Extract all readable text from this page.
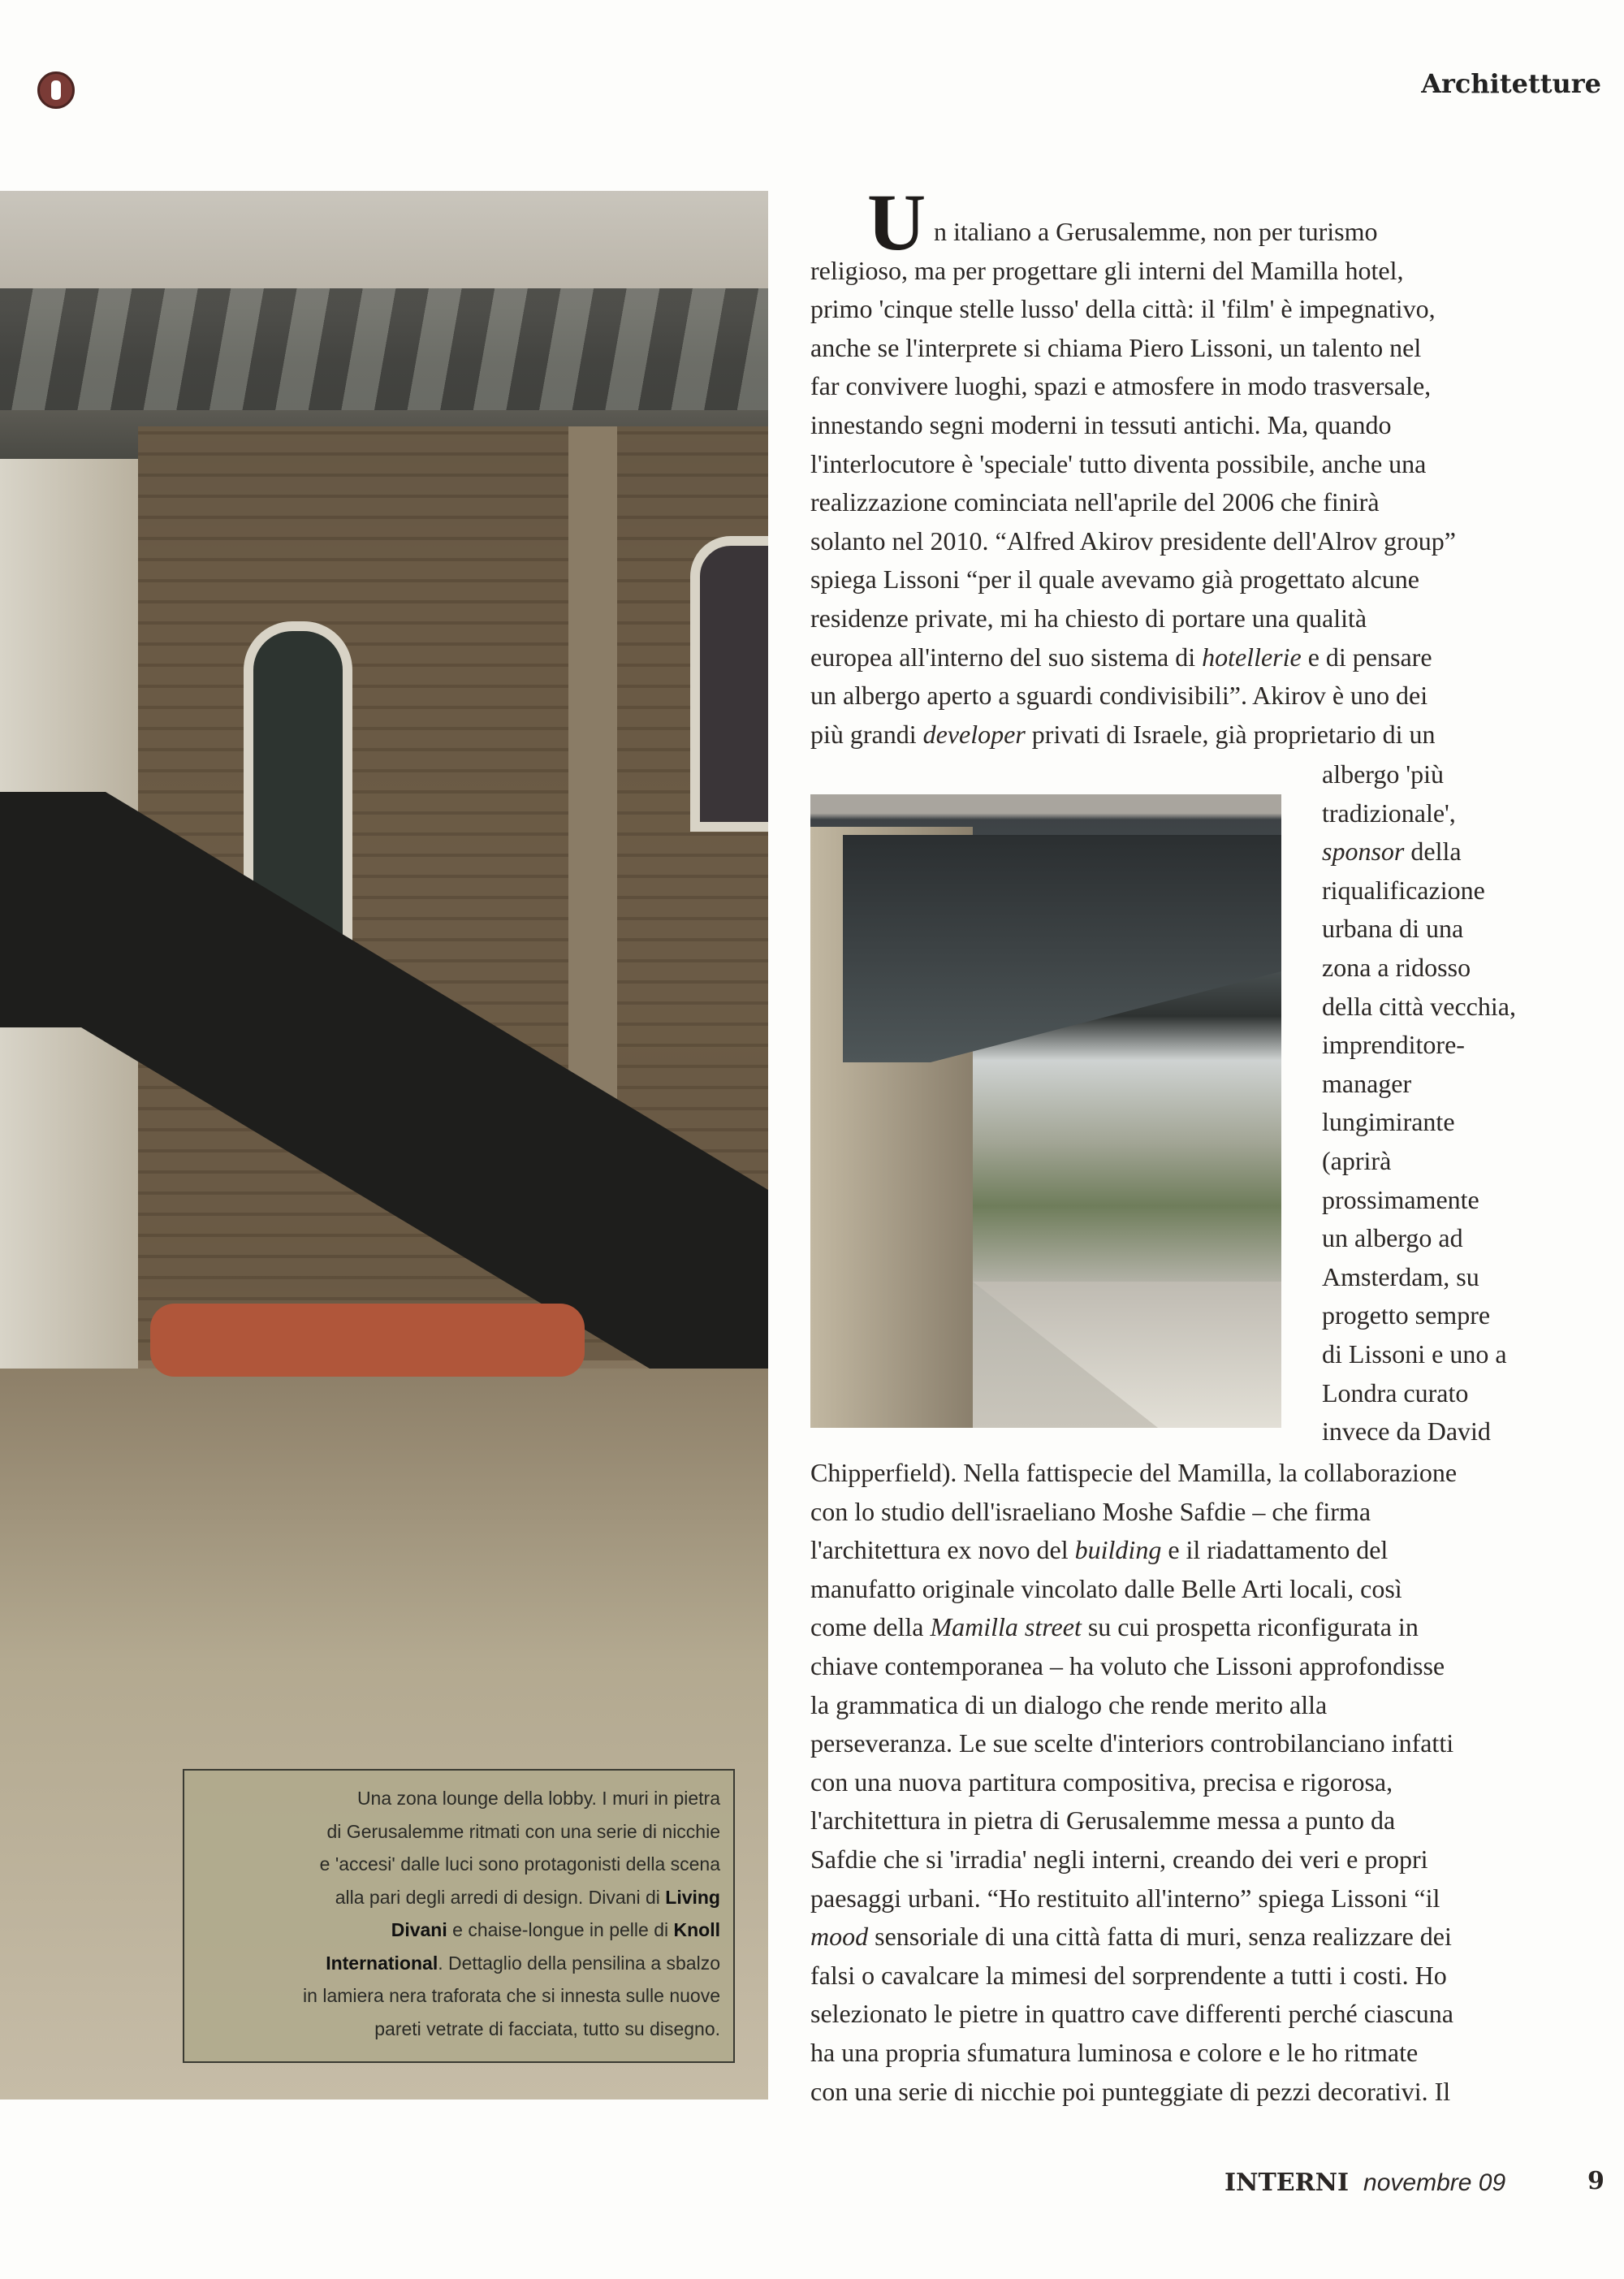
Architetture
Una zona lounge della lobby. I muri in pietra
di Gerusalemme ritmati con una serie di nicchie
e 'accesi' dalle luci sono protagonisti della scena
alla pari degli arredi di design. Divani di Living
Divani e chaise-longue in pelle di Knoll
International. Dettaglio della pensilina a sbalzo
in lamiera nera traforata che si innesta sulle nuove
pareti vetrate di facciata, tutto su disegno.
U
n italiano a Gerusalemme, non per turismo
religioso, ma per progettare gli interni del Mamilla hotel,
primo 'cinque stelle lusso' della città: il 'film' è impegnativo,
anche se l'interprete si chiama Piero Lissoni, un talento nel
far convivere luoghi, spazi e atmosfere in modo trasversale,
innestando segni moderni in tessuti antichi. Ma, quando
l'interlocutore è 'speciale' tutto diventa possibile, anche una
realizzazione cominciata nell'aprile del 2006 che finirà
solanto nel 2010. “Alfred Akirov presidente dell'Alrov group”
spiega Lissoni “per il quale avevamo già progettato alcune
residenze private, mi ha chiesto di portare una qualità
europea all'interno del suo sistema di hotellerie e di pensare
un albergo aperto a sguardi condivisibili”. Akirov è uno dei
più grandi developer privati di Israele, già proprietario di un
albergo 'più
tradizionale',
sponsor della
riqualificazione
urbana di una
zona a ridosso
della città vecchia,
imprenditore-
manager
lungimirante
(aprirà
prossimamente
un albergo ad
Amsterdam, su
progetto sempre
di Lissoni e uno a
Londra curato
invece da David
Chipperfield). Nella fattispecie del Mamilla, la collaborazione
con lo studio dell'israeliano Moshe Safdie – che firma
l'architettura ex novo del building e il riadattamento del
manufatto originale vincolato dalle Belle Arti locali, così
come della Mamilla street su cui prospetta riconfigurata in
chiave contemporanea – ha voluto che Lissoni approfondisse
la grammatica di un dialogo che rende merito alla
perseveranza. Le sue scelte d'interiors controbilanciano infatti
con una nuova partitura compositiva, precisa e rigorosa,
l'architettura in pietra di Gerusalemme messa a punto da
Safdie che si 'irradia' negli interni, creando dei veri e propri
paesaggi urbani. “Ho restituito all'interno” spiega Lissoni “il
mood sensoriale di una città fatta di muri, senza realizzare dei
falsi o cavalcare la mimesi del sorprendente a tutti i costi. Ho
selezionato le pietre in quattro cave differenti perché ciascuna
ha una propria sfumatura luminosa e colore e le ho ritmate
con una serie di nicchie poi punteggiate di pezzi decorativi. Il
INTERNI novembre 09	9
